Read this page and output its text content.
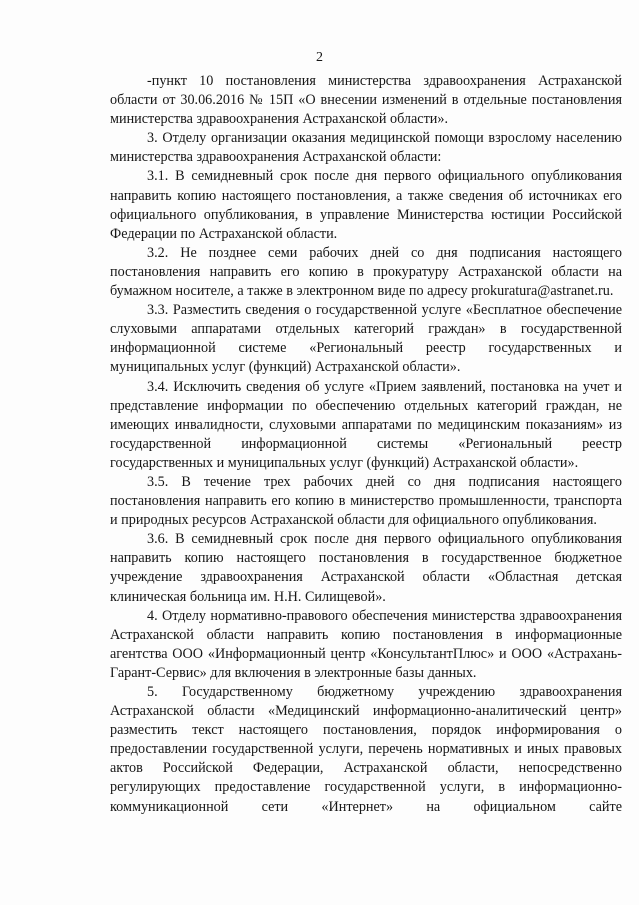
2

-пункт 10 постановления министерства здравоохранения Астраханской области от 30.06.2016 № 15П «О внесении изменений в отдельные постановления министерства здравоохранения Астраханской области».

3. Отделу организации оказания медицинской помощи взрослому населению министерства здравоохранения Астраханской области:

3.1. В семидневный срок после дня первого официального опубликования направить копию настоящего постановления, а также сведения об источниках его официального опубликования, в управление Министерства юстиции Российской Федерации по Астраханской области.

3.2. Не позднее семи рабочих дней со дня подписания настоящего постановления направить его копию в прокуратуру Астраханской области на бумажном носителе, а также в электронном виде по адресу prokuratura@astranet.ru.

3.3. Разместить сведения о государственной услуге «Бесплатное обеспечение слуховыми аппаратами отдельных категорий граждан» в государственной информационной системе «Региональный реестр государственных и муниципальных услуг (функций) Астраханской области».

3.4. Исключить сведения об услуге «Прием заявлений, постановка на учет и представление информации по обеспечению отдельных категорий граждан, не имеющих инвалидности, слуховыми аппаратами по медицинским показаниям» из государственной информационной системы «Региональный реестр государственных и муниципальных услуг (функций) Астраханской области».

3.5. В течение трех рабочих дней со дня подписания настоящего постановления направить его копию в министерство промышленности, транспорта и природных ресурсов Астраханской области для официального опубликования.

3.6. В семидневный срок после дня первого официального опубликования направить копию настоящего постановления в государственное бюджетное учреждение здравоохранения Астраханской области «Областная детская клиническая больница им. Н.Н. Силищевой».

4. Отделу нормативно-правового обеспечения министерства здравоохранения Астраханской области направить копию постановления в информационные агентства ООО «Информационный центр «КонсультантПлюс» и ООО «Астрахань-Гарант-Сервис» для включения в электронные базы данных.

5. Государственному бюджетному учреждению здравоохранения Астраханской области «Медицинский информационно-аналитический центр» разместить текст настоящего постановления, порядок информирования о предоставлении государственной услуги, перечень нормативных и иных правовых актов Российской Федерации, Астраханской области, непосредственно регулирующих предоставление государственной услуги, в информационно-коммуникационной сети «Интернет» на официальном сайте
